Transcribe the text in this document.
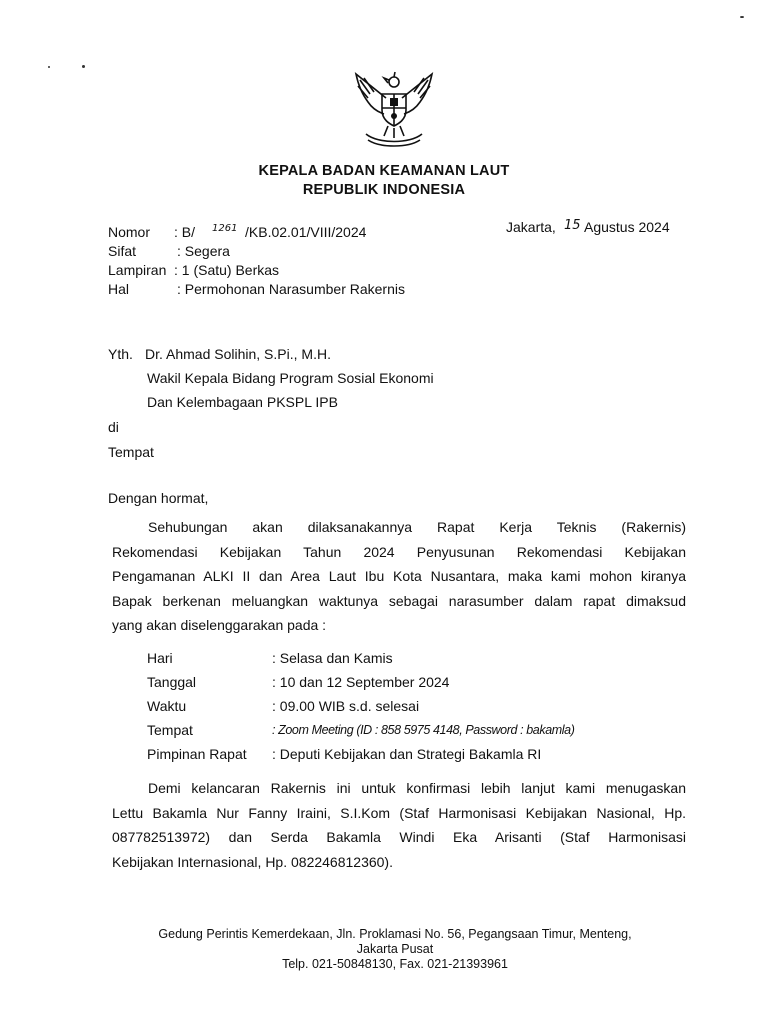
KEPALA BADAN KEAMANAN LAUT
REPUBLIK INDONESIA
Nomor : B/ 1261 /KB.02.01/VIII/2024	Jakarta, 15 Agustus 2024
Sifat	: Segera
Lampiran : 1 (Satu) Berkas
Hal	: Permohonan Narasumber Rakernis
Yth. Dr. Ahmad Solihin, S.Pi., M.H.
Wakil Kepala Bidang Program Sosial Ekonomi
Dan Kelembagaan PKSPL IPB
di
Tempat
Dengan hormat,
Sehubungan akan dilaksanakannya Rapat Kerja Teknis (Rakernis)
Rekomendasi Kebijakan Tahun 2024 Penyusunan Rekomendasi Kebijakan
Pengamanan ALKI II dan Area Laut Ibu Kota Nusantara, maka kami mohon kiranya
Bapak berkenan meluangkan waktunya sebagai narasumber dalam rapat dimaksud
yang akan diselenggarakan pada :
Hari	: Selasa dan Kamis
Tanggal	: 10 dan 12 September 2024
Waktu	: 09.00 WIB s.d. selesai
Tempat	: Zoom Meeting (ID : 858 5975 4148, Password : bakamla)
Pimpinan Rapat : Deputi Kebijakan dan Strategi Bakamla RI
Demi kelancaran Rakernis ini untuk konfirmasi lebih lanjut kami menugaskan
Lettu Bakamla Nur Fanny Iraini, S.I.Kom (Staf Harmonisasi Kebijakan Nasional, Hp.
087782513972) dan Serda Bakamla Windi Eka Arisanti (Staf Harmonisasi
Kebijakan Internasional, Hp. 082246812360).
Gedung Perintis Kemerdekaan, Jln. Proklamasi No. 56, Pegangsaan Timur, Menteng,
Jakarta Pusat
Telp. 021-50848130, Fax. 021-21393961
